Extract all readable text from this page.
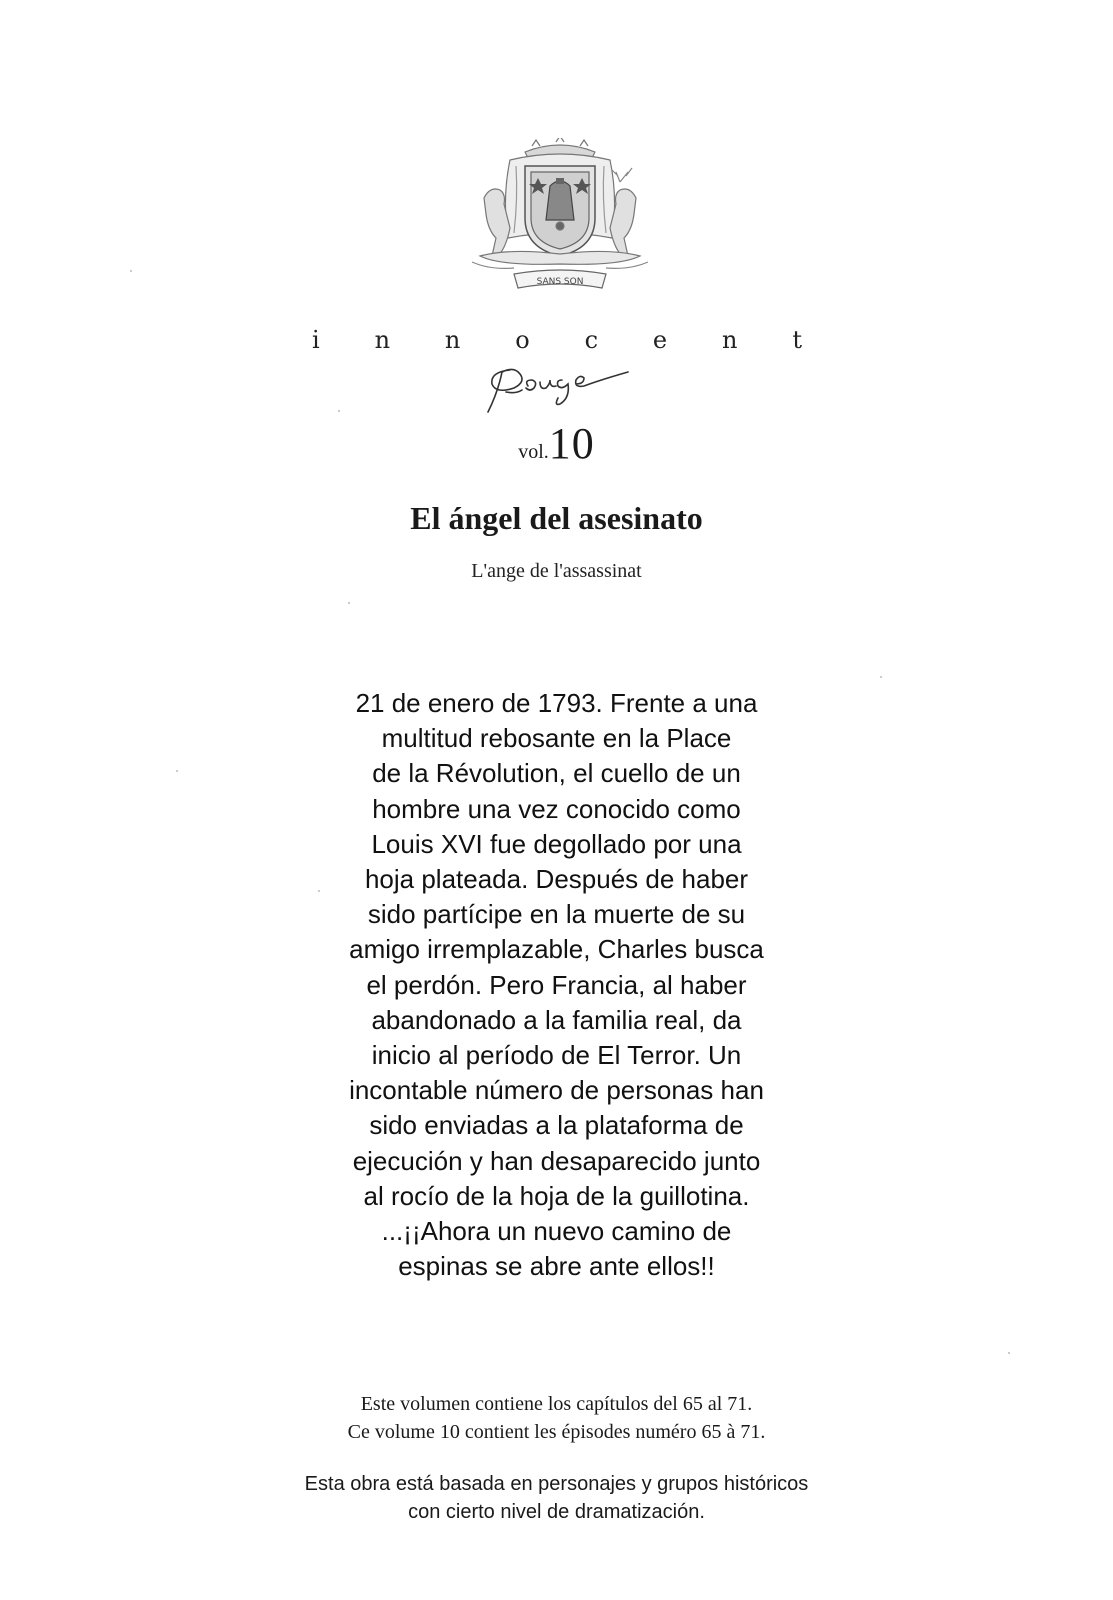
SANS SON
i n n o c e n t
vol.10
El ángel del asesinato
L'ange de l'assassinat
21 de enero de 1793. Frente a una
multitud rebosante en la Place
de la Révolution, el cuello de un
hombre una vez conocido como
Louis XVI fue degollado por una
hoja plateada. Después de haber
sido partícipe en la muerte de su
amigo irremplazable, Charles busca
el perdón. Pero Francia, al haber
abandonado a la familia real, da
inicio al período de El Terror. Un
incontable número de personas han
sido enviadas a la plataforma de
ejecución y han desaparecido junto
al rocío de la hoja de la guillotina.
...¡¡Ahora un nuevo camino de
espinas se abre ante ellos!!
Este volumen contiene los capítulos del 65 al 71.
Ce volume 10 contient les épisodes numéro 65 à 71.
Esta obra está basada en personajes y grupos históricos
con cierto nivel de dramatización.
